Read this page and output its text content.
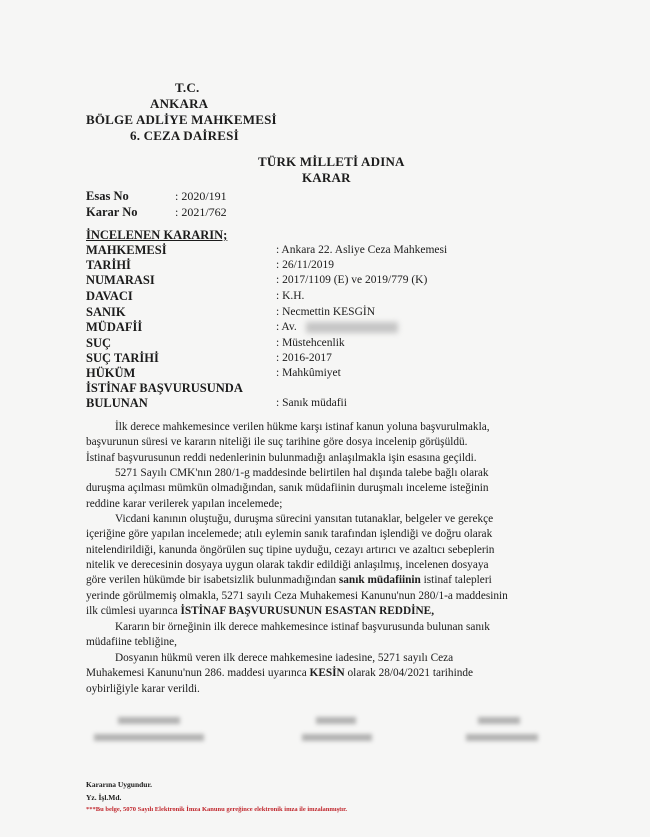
T.C.
ANKARA
BÖLGE ADLİYE MAHKEMESİ
6. CEZA DAİRESİ
TÜRK MİLLETİ ADINA
KARAR
Esas No	: 2020/191
Karar No	: 2021/762
İNCELENEN KARARIN;
MAHKEMESİ	: Ankara 22. Asliye Ceza Mahkemesi
TARİHİ	: 26/11/2019
NUMARASI	: 2017/1109 (E) ve 2019/779 (K)
DAVACI	: K.H.
SANIK	: Necmettin KESGİN
MÜDAFİİ	: Av.
SUÇ	: Müstehcenlik
SUÇ TARİHİ	: 2016-2017
HÜKÜM	: Mahkûmiyet
İSTİNAF BAŞVURUSUNDA
BULUNAN	: Sanık müdafii
İlk derece mahkemesince verilen hükme karşı istinaf kanun yoluna başvurulmakla,
başvurunun süresi ve kararın niteliği ile suç tarihine göre dosya incelenip görüşüldü.
İstinaf başvurusunun reddi nedenlerinin bulunmadığı anlaşılmakla işin esasına geçildi.
5271 Sayılı CMK'nın 280/1-g maddesinde belirtilen hal dışında talebe bağlı olarak
duruşma açılması mümkün olmadığından, sanık müdafiinin duruşmalı inceleme isteğinin
reddine karar verilerek yapılan incelemede;
Vicdani kanının oluştuğu, duruşma sürecini yansıtan tutanaklar, belgeler ve gerekçe
içeriğine göre yapılan incelemede; atılı eylemin sanık tarafından işlendiği ve doğru olarak
nitelendirildiği, kanunda öngörülen suç tipine uyduğu, cezayı artırıcı ve azaltıcı sebeplerin
nitelik ve derecesinin dosyaya uygun olarak takdir edildiği anlaşılmış, incelenen dosyaya
göre verilen hükümde bir isabetsizlik bulunmadığından sanık müdafiinin istinaf talepleri
yerinde görülmemiş olmakla, 5271 sayılı Ceza Muhakemesi Kanunu'nun 280/1-a maddesinin
ilk cümlesi uyarınca İSTİNAF BAŞVURUSUNUN ESASTAN REDDİNE,
Kararın bir örneğinin ilk derece mahkemesince istinaf başvurusunda bulunan sanık
müdafiine tebliğine,
Dosyanın hükmü veren ilk derece mahkemesine iadesine, 5271 sayılı Ceza
Muhakemesi Kanunu'nun 286. maddesi uyarınca KESİN olarak 28/04/2021 tarihinde
oybirliğiyle karar verildi.
Kararına Uygundur.
Yz. İşl.Md.
***Bu belge, 5070 Sayılı Elektronik İmza Kanunu gereğince elektronik imza ile imzalanmıştır.
